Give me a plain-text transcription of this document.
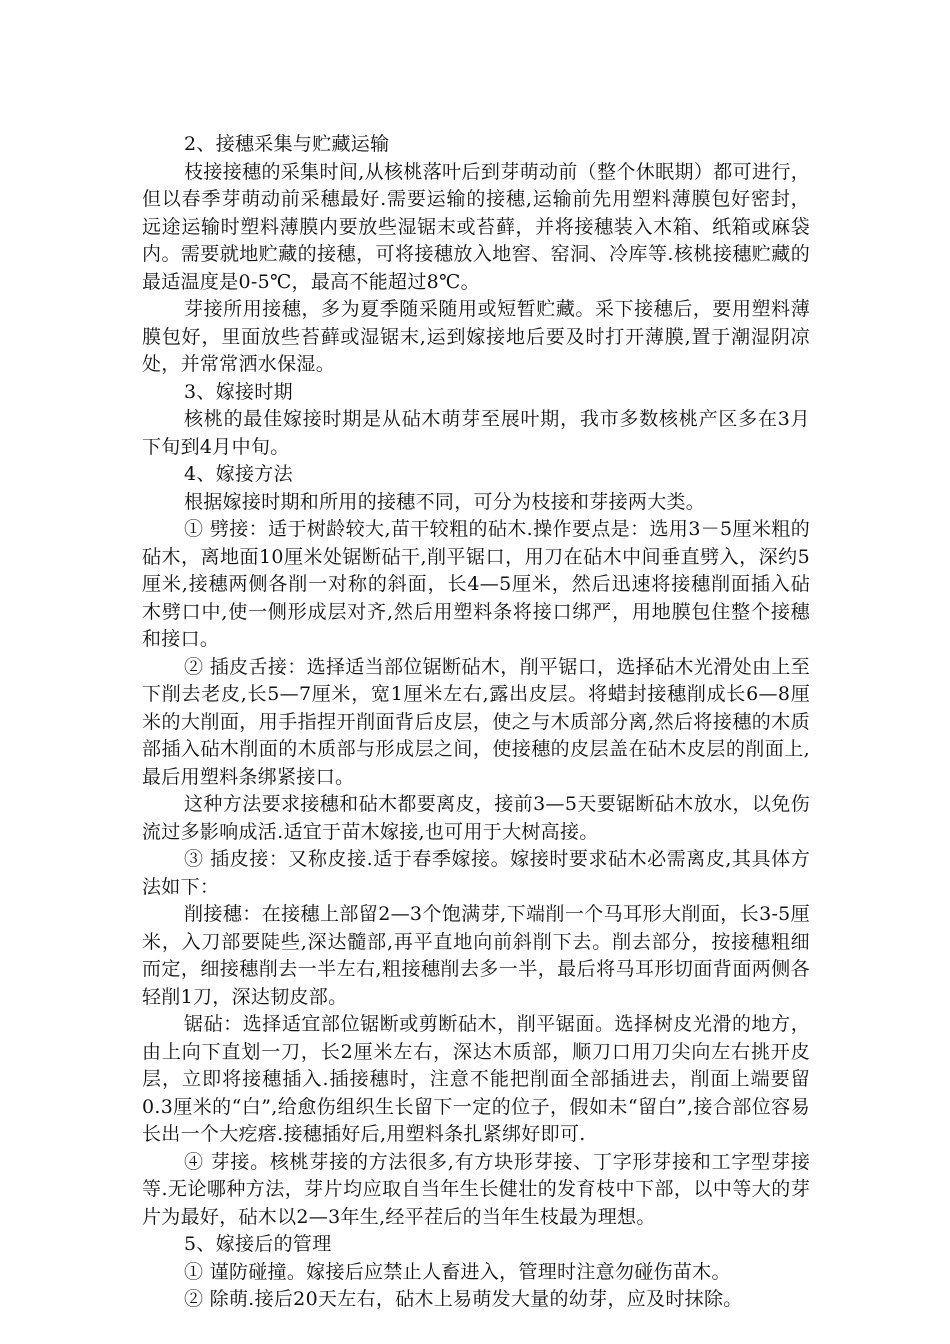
2、接穗采集与贮藏运输

枝接接穗的采集时间,从核桃落叶后到芽萌动前（整个休眠期）都可进行，但以春季芽萌动前采穗最好.需要运输的接穗,运输前先用塑料薄膜包好密封，远途运输时塑料薄膜内要放些湿锯末或苔藓，并将接穗装入木箱、纸箱或麻袋内。需要就地贮藏的接穗，可将接穗放入地窖、窑洞、冷库等.核桃接穗贮藏的最适温度是0-5℃，最高不能超过8℃。

芽接所用接穗，多为夏季随采随用或短暂贮藏。采下接穗后，要用塑料薄膜包好，里面放些苔藓或湿锯末,运到嫁接地后要及时打开薄膜,置于潮湿阴凉处，并常常洒水保湿。

3、嫁接时期

核桃的最佳嫁接时期是从砧木萌芽至展叶期，我市多数核桃产区多在3月下旬到4月中旬。

4、嫁接方法

根据嫁接时期和所用的接穗不同，可分为枝接和芽接两大类。

① 劈接：适于树龄较大,苗干较粗的砧木.操作要点是：选用3－5厘米粗的砧木，离地面10厘米处锯断砧干,削平锯口，用刀在砧木中间垂直劈入，深约5厘米,接穗两侧各削一对称的斜面，长4—5厘米，然后迅速将接穗削面插入砧木劈口中,使一侧形成层对齐,然后用塑料条将接口绑严，用地膜包住整个接穗和接口。

② 插皮舌接：选择适当部位锯断砧木，削平锯口，选择砧木光滑处由上至下削去老皮,长5—7厘米，宽1厘米左右,露出皮层。将蜡封接穗削成长6—8厘米的大削面，用手指捏开削面背后皮层，使之与木质部分离,然后将接穗的木质部插入砧木削面的木质部与形成层之间，使接穗的皮层盖在砧木皮层的削面上,最后用塑料条绑紧接口。

这种方法要求接穗和砧木都要离皮，接前3—5天要锯断砧木放水，以免伤流过多影响成活.适宜于苗木嫁接,也可用于大树高接。

③ 插皮接：又称皮接.适于春季嫁接。嫁接时要求砧木必需离皮,其具体方法如下：

削接穗：在接穗上部留2—3个饱满芽,下端削一个马耳形大削面，长3-5厘米，入刀部要陡些,深达髓部,再平直地向前斜削下去。削去部分，按接穗粗细而定，细接穗削去一半左右,粗接穗削去多一半，最后将马耳形切面背面两侧各轻削1刀，深达韧皮部。

锯砧：选择适宜部位锯断或剪断砧木，削平锯面。选择树皮光滑的地方，由上向下直划一刀，长2厘米左右，深达木质部，顺刀口用刀尖向左右挑开皮层，立即将接穗插入.插接穗时，注意不能把削面全部插进去，削面上端要留0.3厘米的“白”,给愈伤组织生长留下一定的位子，假如未“留白”,接合部位容易长出一个大疙瘩.接穗插好后,用塑料条扎紧绑好即可.

④ 芽接。核桃芽接的方法很多,有方块形芽接、丁字形芽接和工字型芽接等.无论哪种方法，芽片均应取自当年生长健壮的发育枝中下部，以中等大的芽片为最好，砧木以2—3年生,经平茬后的当年生枝最为理想。

5、嫁接后的管理

① 谨防碰撞。嫁接后应禁止人畜进入，管理时注意勿碰伤苗木。

② 除萌.接后20天左右，砧木上易萌发大量的幼芽，应及时抹除。
